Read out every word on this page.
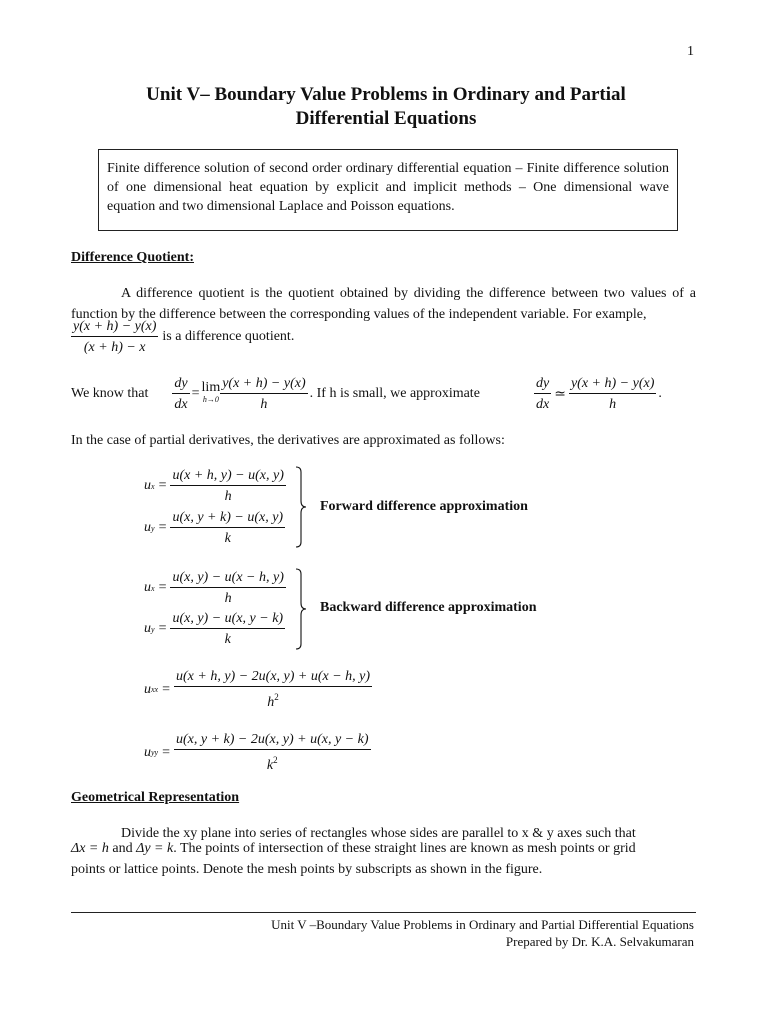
1
Unit V– Boundary Value Problems in Ordinary and Partial
Differential Equations
Finite difference solution of second order ordinary differential equation – Finite difference solution of one dimensional heat equation by explicit and implicit methods – One dimensional wave equation and two dimensional Laplace and Poisson equations.
Difference Quotient:
A difference quotient is the quotient obtained by dividing the difference between two values of a function by the difference between the corresponding values of the independent variable. For example,
$\frac{y(x + h) - y(x)}{(x + h) - x}$ is a difference quotient.
We know that $\frac{dy}{dx} = \lim$
$h\to 0 \frac{y(x + h) - y(x)}{h}$ . If h is small, we approximate	$\frac{dy}{dx}$ ≃ $\frac{y(x + h) - y(x)}{h}$ .
In the case of partial derivatives, the derivatives are approximated as follows:
u $x = \frac{u(x + h, y) - u(x, y)}{h}$
u $y = \frac{u(x, y + k) - u(x, y)}{k}$
Forward difference approximation
u $x = \frac{u(x, y) - u(x - h, y)}{h}$
u $y = \frac{u(x, y) - u(x, y - k)}{k}$
Backward difference approximation
u xx = $\frac{u(x + h, y) - 2u(x, y) + u(x - h, y)}{h^2}$
u yy = $\frac{u(x, y + k) - 2u(x, y) + u(x, y - k)}{k^2}$
Geometrical Representation
Divide the xy plane into series of rectangles whose sides are parallel to x & y axes such that
Δx = h and Δy = k. The points of intersection of these straight lines are known as mesh points or grid
points or lattice points. Denote the mesh points by subscripts as shown in the figure.
Unit V –Boundary Value Problems in Ordinary and Partial Differential Equations
Prepared by Dr. K.A. Selvakumaran
